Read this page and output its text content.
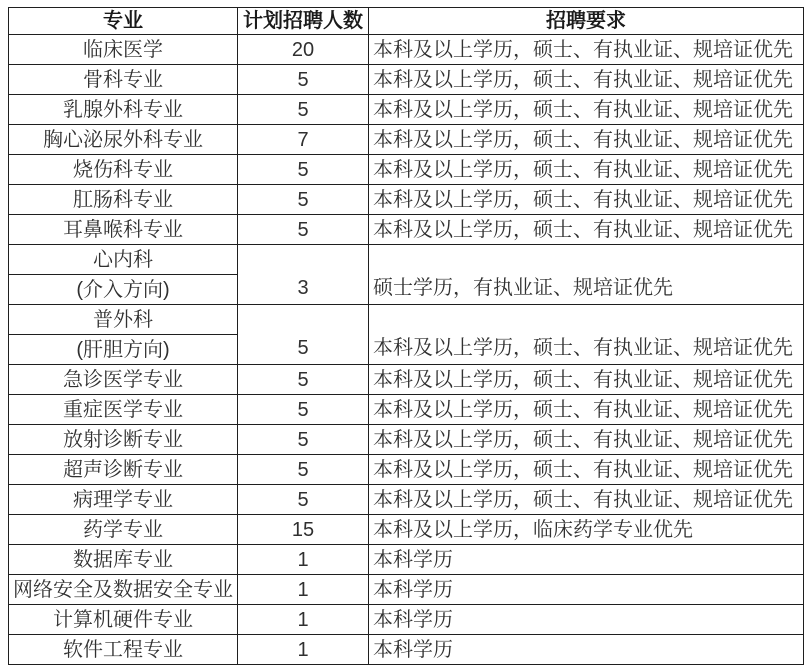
专业	计划招聘人数	招聘要求
临床医学	20	本科及以上学历，硕士、有执业证、规培证优先
骨科专业	5	本科及以上学历，硕士、有执业证、规培证优先
乳腺外科专业	5	本科及以上学历，硕士、有执业证、规培证优先
胸心泌尿外科专业	7	本科及以上学历，硕士、有执业证、规培证优先
烧伤科专业	5	本科及以上学历，硕士、有执业证、规培证优先
肛肠科专业	5	本科及以上学历，硕士、有执业证、规培证优先
耳鼻喉科专业	5	本科及以上学历，硕士、有执业证、规培证优先
心内科	3	硕士学历，有执业证、规培证优先
(介入方向)		
普外科	5	本科及以上学历，硕士、有执业证、规培证优先
(肝胆方向)		
急诊医学专业	5	本科及以上学历，硕士、有执业证、规培证优先
重症医学专业	5	本科及以上学历，硕士、有执业证、规培证优先
放射诊断专业	5	本科及以上学历，硕士、有执业证、规培证优先
超声诊断专业	5	本科及以上学历，硕士、有执业证、规培证优先
病理学专业	5	本科及以上学历，硕士、有执业证、规培证优先
药学专业	15	本科及以上学历，临床药学专业优先
数据库专业	1	本科学历
网络安全及数据安全专业	1	本科学历
计算机硬件专业	1	本科学历
软件工程专业	1	本科学历
